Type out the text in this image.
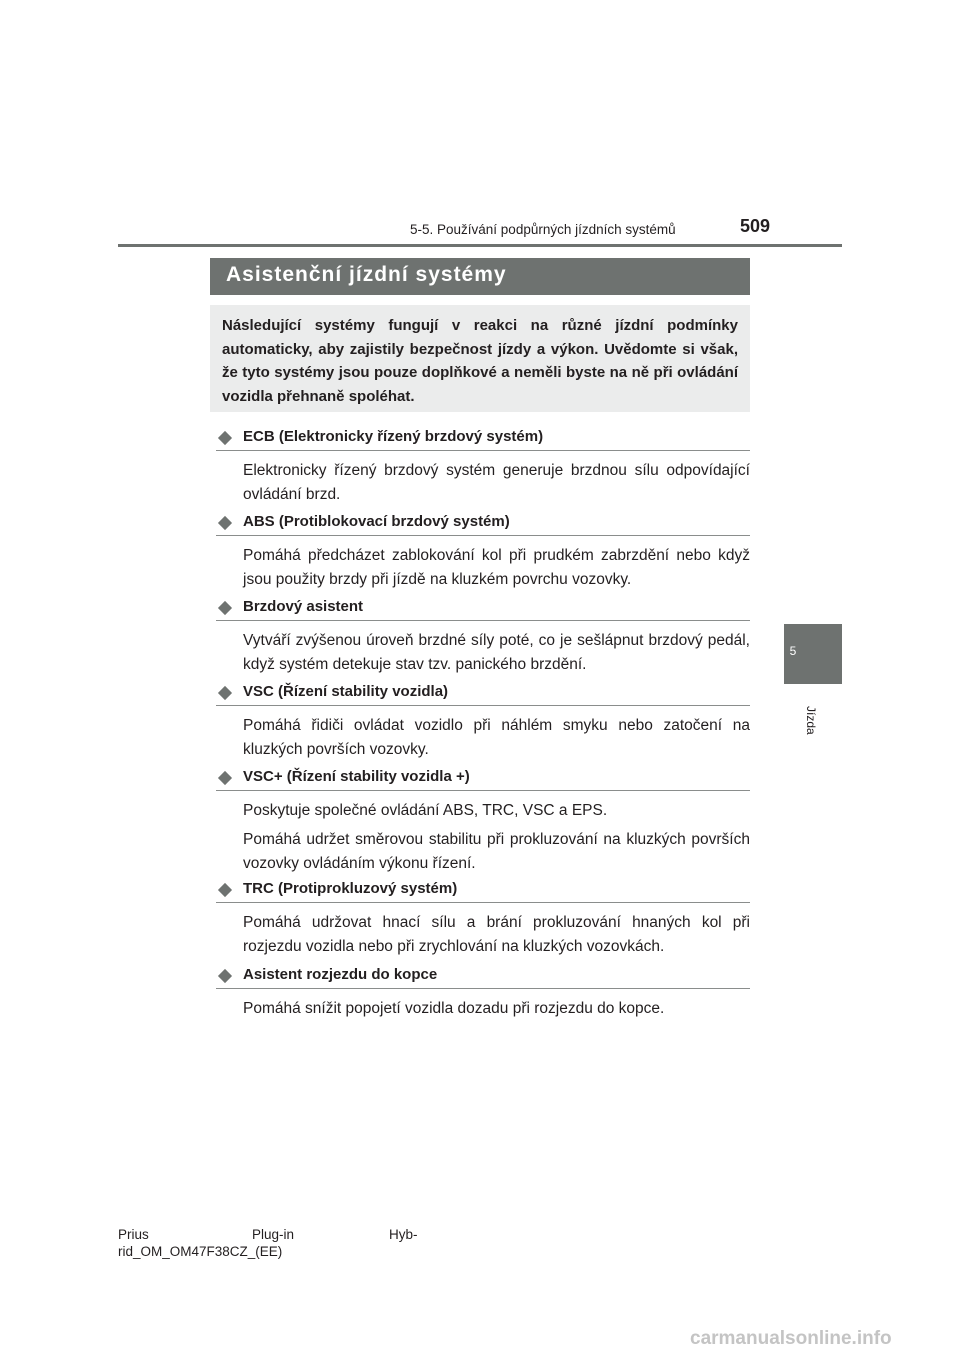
5-5. Používání podpůrných jízdních systémů	509
Asistenční jízdní systémy
Následující systémy fungují v reakci na různé jízdní podmínky automaticky, aby zajistily bezpečnost jízdy a výkon. Uvědomte si však, že tyto systémy jsou pouze doplňkové a neměli byste na ně při ovládání vozidla přehnaně spoléhat.
ECB (Elektronicky řízený brzdový systém)

Elektronicky řízený brzdový systém generuje brzdnou sílu odpovídající ovládání brzd.

ABS (Protiblokovací brzdový systém)

Pomáhá předcházet zablokování kol při prudkém zabrzdění nebo když jsou použity brzdy při jízdě na kluzkém povrchu vozovky.

Brzdový asistent

Vytváří zvýšenou úroveň brzdné síly poté, co je sešlápnut brzdový pedál, když systém detekuje stav tzv. panického brzdění.

VSC (Řízení stability vozidla)

Pomáhá řidiči ovládat vozidlo při náhlém smyku nebo zatočení na kluzkých površích vozovky.

VSC+ (Řízení stability vozidla +)

Poskytuje společné ovládání ABS, TRC, VSC a EPS.

Pomáhá udržet směrovou stabilitu při prokluzování na kluzkých površích vozovky ovládáním výkonu řízení.

TRC (Protiprokluzový systém)

Pomáhá udržovat hnací sílu a brání prokluzování hnaných kol při rozjezdu vozidla nebo při zrychlování na kluzkých vozovkách.

Asistent rozjezdu do kopce

Pomáhá snížit popojetí vozidla dozadu při rozjezdu do kopce.

5
Jízda
Prius	Plug-in	Hyb-
rid_OM_OM47F38CZ_(EE)
carmanualsonline.info
